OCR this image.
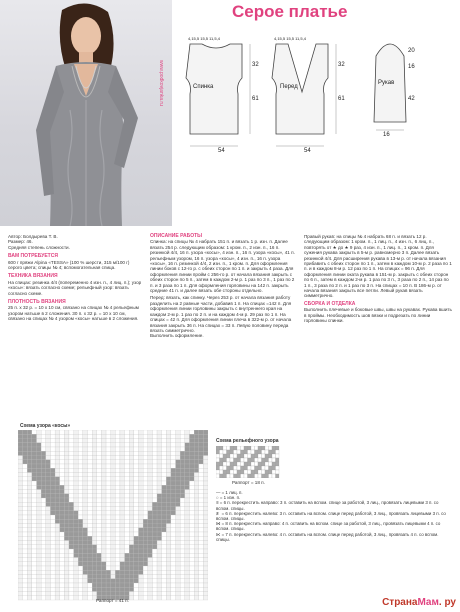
www.podkovjanka.ru
Серое платье
Спинка	Перед
Рукав
4,15,5 15,5 11,5,4	4,15,5 15,5 11,5,4
54	54
61	61
32	32
20
16
42
16
Автор: Болдырева Т. В.
Размер: 46.
Средняя степень сложности.
ВАМ ПОТРЕБУЕТСЯ
600 г пряжи Alpina «TESSA» (100 % шерсти, 315 м/100 г) серого цвета; спицы № 4; вспомогательная спица.
ТЕХНИКА ВЯЗАНИЯ
На спицах: резинка 4/4 (попеременно 4 изн. п., 4 лиц. п.); узор «косы»: вязать согласно схеме; рельефный узор: вязать согласно схеме.
ПЛОТНОСТЬ ВЯЗАНИЯ
25 п. x 32 р. = 10 x 10 см, связано на спицах № 4 рельефным узором натьше в 2 сложения. 30 п. x 32 р. = 10 x 10 см, связано на спицах № 4 узором «косы» натьше в 2 сложения.
ОПИСАНИЕ РАБОТЫ
Спинка: на спицы № 4 набрать 151 п. и вязать 1 р. изн. п. Далее вязать 254 р. следующим образом: 1 кром. п., 2 изн. п., 16 п. резинкой 4/4, 16 п. узора «косы», 4 изн. п., 16 п. узора «косы», 41 п. рельефным узором, 16 п. узора «косы», 4 изн. п., 16 п. узора «косы», 16 п. резинкой 4/4, 2 изн. п., 1 кром. п. Для оформления линии боков с 12-го р. с обеих сторон по 1 п. и закрыть 4 раза. Для оформления линии пройм с 256-го р. от начала вязания закрыть с обеих сторон по 5 п., затем в каждом 2-м р. 1 раз по 3 п., 1 раз по 2 п. и 3 раза по 1 п. Для оформления горловины на 142 п. закрыть средние 41 п. и далее вязать обе стороны отдельно.
Перед: вязать, как спинку. Через 253 р. от начала вязания работу разделить на 2 равные части, добавив 1 п. На спицах =142 п. Для оформления линии горловины закрыть с внутреннего края на каждом 2-м р. 1 раз по 2 п. и на каждом 4-м р. 29 раз по 1 п. На спицах = 42 п. Для оформления линии плеча в 322-м р. от начала вязания закрыть 36 п. На спицах = 33 п. Левую половину переда вязать симметрично.
Выполнить оформление.
Правый рукав: на спицы № 4 набрать 68 п. и вязать 12 р. следующим образом: 1 кром. п., 1 лиц. п., 4 изн. п., 6 лиц. п., повторять от ★ до ★ 9 раз, 4 изн. п., 1 лиц. п., 1 кром. п. Для сужения рукава закрыть в 5-м р. равномерно 3 п. Далее вязать резинкой 4/4. Для расширения рукава в 13-м р. от начала вязания прибавить с обеих сторон по 1 п., затем в каждом 10-м р. 2 раза по 1 п. и в каждом 8-м р. 12 раз по 1 п. На спицах = 96 п. Для оформления линии оката рукава в 151-м р. закрыть с обеих сторон по 6 п., затем в каждом 2-м р. 1 раз по 3 п., 3 раза по 2 п., 14 раз по 1 п., 3 раза по 2 п. и 1 раз по 3 п. На спицах = 10 п. В 186-м р. от начала вязания закрыть все петли. Левый рукав вязать симметрично.
СБОРКА И ОТДЕЛКА
Выполнить плечевые и боковые швы, швы на рукавах. Рукава вшить в проймы. Необходимость шов вязки и подрезать по линии горловины спинки.
Схема узора «косы»
Раппорт = 41 п.
Схема рельефного узора
Раппорт = 18 п.
— = 1 лиц. п.
○ = 1 изн. п.
≡ = 6 п. перекрестить направо: 3 п. оставить на вспом. спице за работой, 3 лиц., провязать лицевыми 3 п. со вспом. спицы.
≢ = 6 п. перекрестить налево: 3 п. оставить на вспом. спице перед работой, 3 лиц., провязать лицевыми 3 п. со вспом. спицы.
⋈ = 8 п. перекрестить направо: 4 п. оставить на вспом. спице за работой, 3 лиц., провязать лицевыми 4 п. со вспом. спицы.
⋉ = 7 п. перекрестить налево: 4 п. оставить на вспом. спице перед работой, 3 лиц., провязать 4 п. со вспом. спицы.
СтранаМам. ру
